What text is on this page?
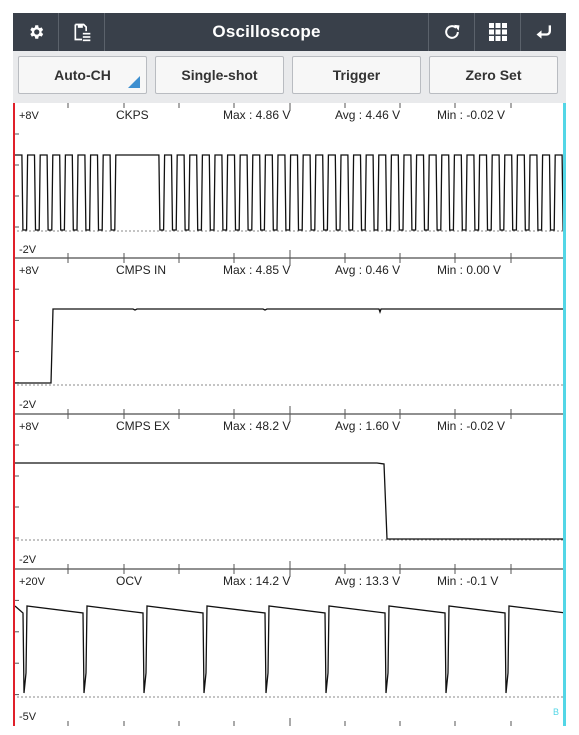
Oscilloscope
Auto-CH	Single-shot	Trigger	Zero Set
+8V
-2V
CKPS	Max : 4.86 V	Avg : 4.46 V	Min : -0.02 V
+8V
-2V
CMPS IN	Max : 4.85 V	Avg : 0.46 V	Min : 0.00 V
+8V
-2V
CMPS EX	Max : 48.2 V	Avg : 1.60 V	Min : -0.02 V
+20V
-5V
OCV	Max : 14.2 V	Avg : 13.3 V	Min : -0.1 V
B
